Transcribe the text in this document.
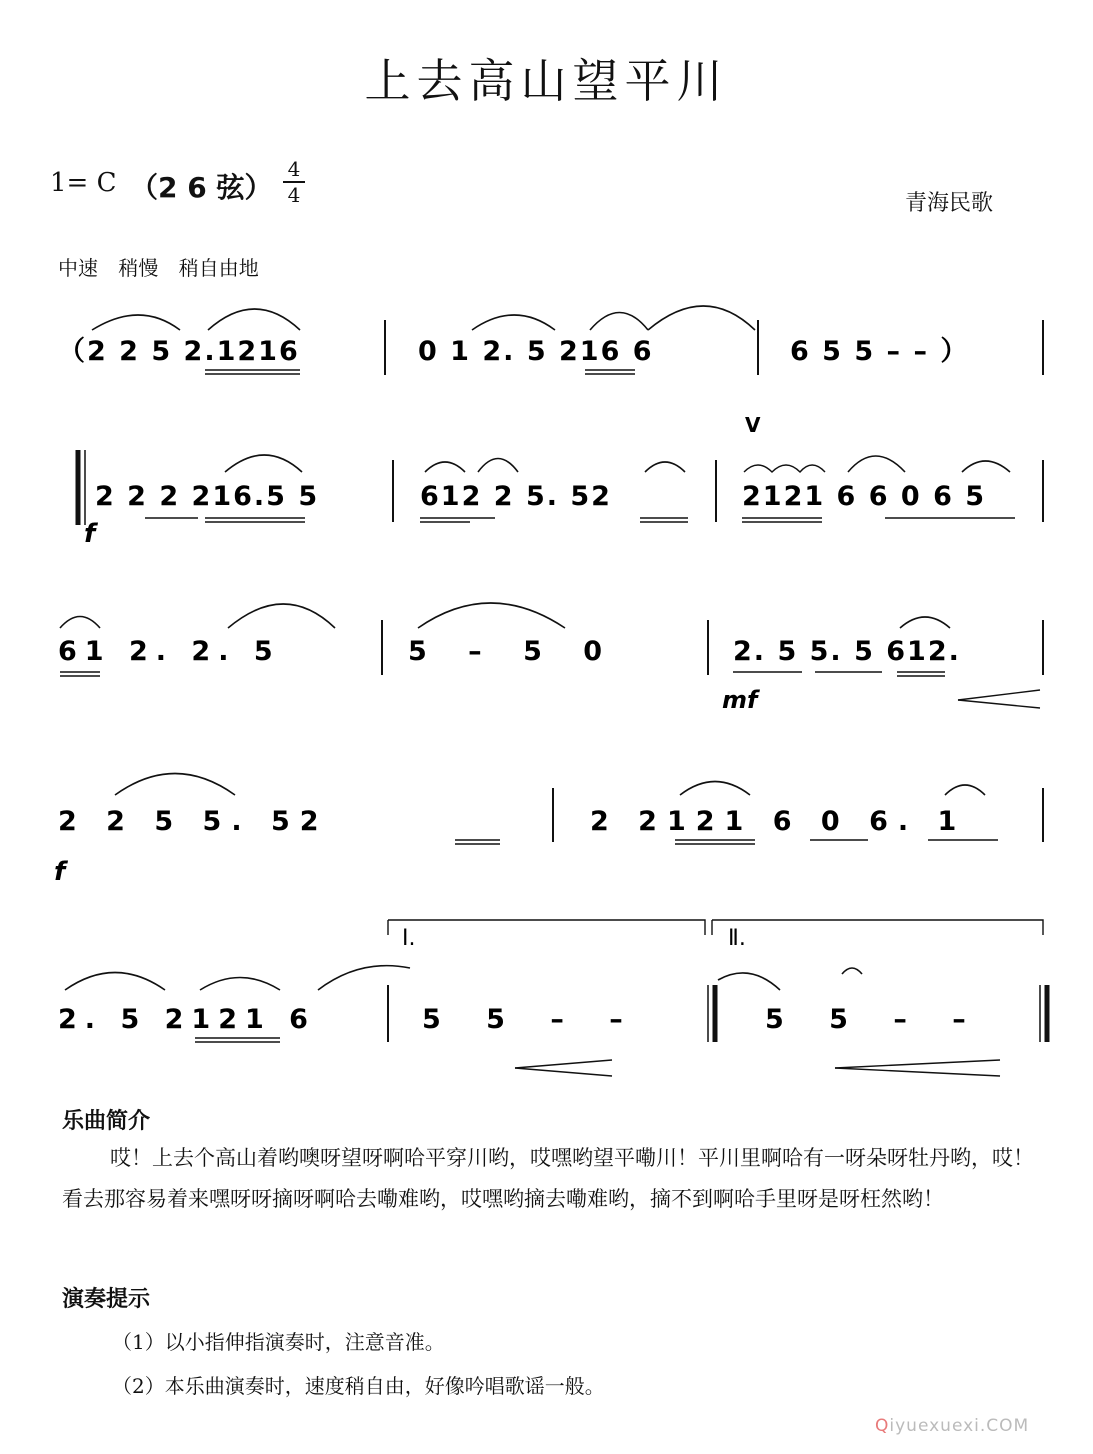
上去高山望平川
1= C （2 6 弦）
4
4	青海民歌
中速 稍慢 稍自由地
（2 2 5 2.1216	0 1 2. 5 216 6	6 5 5 – – ）
2 2 2 216.5 5	612 2 5. 52	2121 6 6 0 6 5
V
f
61 2. 2. 5	5 – 5 0	2. 5 5. 5 612.
mf
2 2 5 5. 52	2 2121 6 0 6. 1
f
2. 5 2121 6	5 5 – –	5 5 – –
Ⅰ.	Ⅱ.
乐曲简介
哎！上去个高山着哟噢呀望呀啊哈平穿川哟，哎嘿哟望平嘞川！平川里啊哈有一呀朵呀牡丹哟，哎！看去那容易着来嘿呀呀摘呀啊哈去嘞难哟，哎嘿哟摘去嘞难哟，摘不到啊哈手里呀是呀枉然哟！
演奏提示
（1）以小指伸指演奏时，注意音准。
（2）本乐曲演奏时，速度稍自由，好像吟唱歌谣一般。
Qiyuexuexi.COM
